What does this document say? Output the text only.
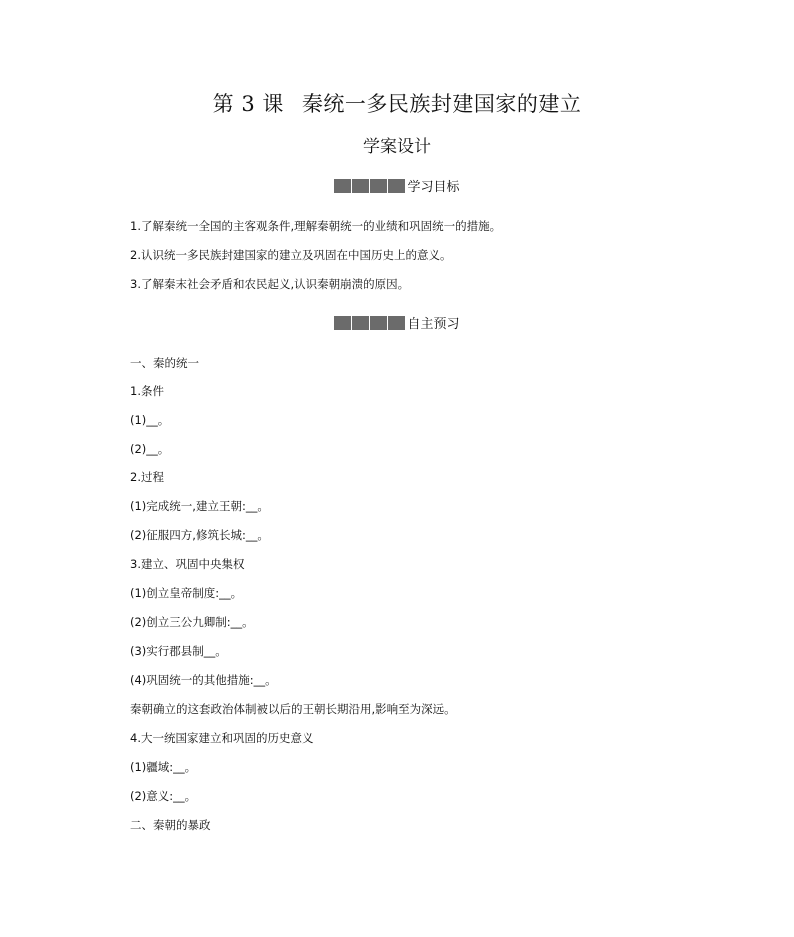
第 3 课 秦统一多民族封建国家的建立
学案设计
学习目标
1.了解秦统一全国的主客观条件,理解秦朝统一的业绩和巩固统一的措施。
2.认识统一多民族封建国家的建立及巩固在中国历史上的意义。
3.了解秦末社会矛盾和农民起义,认识秦朝崩溃的原因。
自主预习
一、秦的统一
1.条件
(1)__。
(2)__。
2.过程
(1)完成统一,建立王朝:__。
(2)征服四方,修筑长城:__。
3.建立、巩固中央集权
(1)创立皇帝制度:__。
(2)创立三公九卿制:__。
(3)实行郡县制__。
(4)巩固统一的其他措施:__。
秦朝确立的这套政治体制被以后的王朝长期沿用,影响至为深远。
4.大一统国家建立和巩固的历史意义
(1)疆域:__。
(2)意义:__。
二、秦朝的暴政
